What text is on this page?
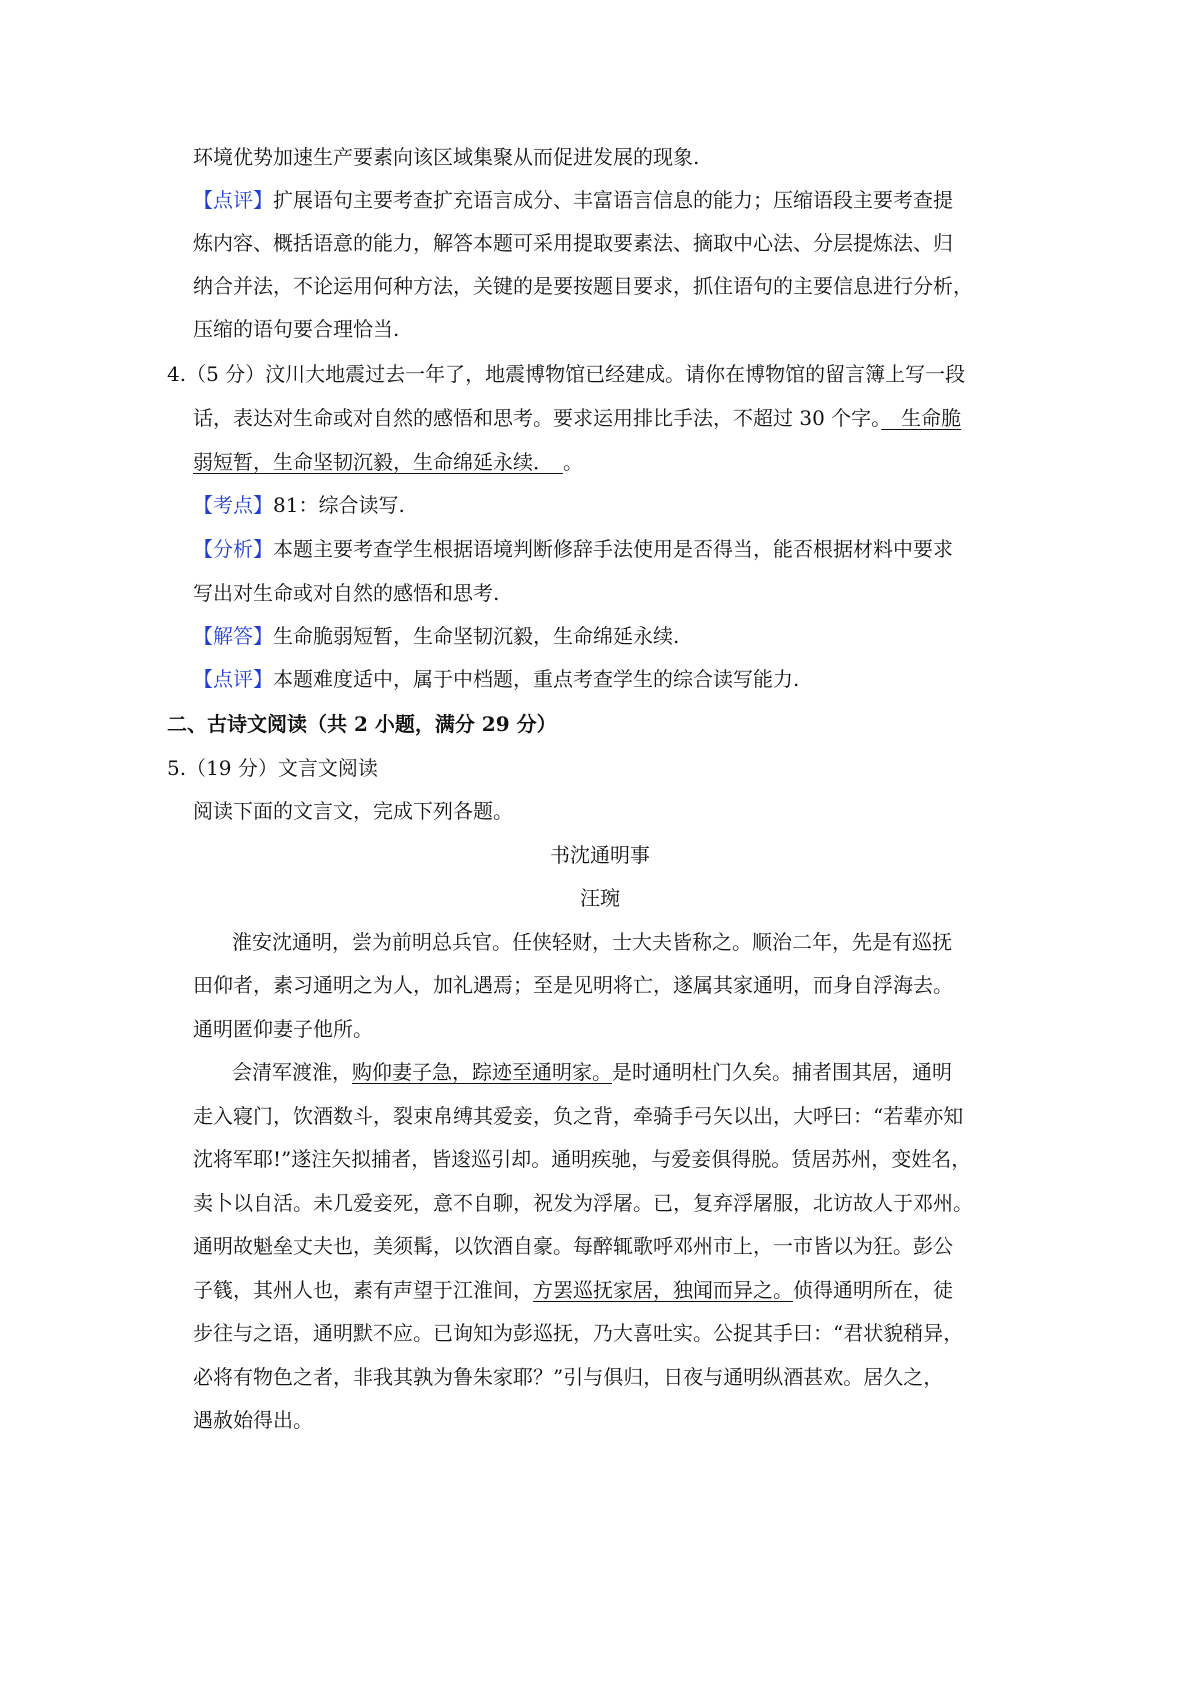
环境优势加速生产要素向该区域集聚从而促进发展的现象.
【点评】扩展语句主要考查扩充语言成分、丰富语言信息的能力；压缩语段主要考查提
炼内容、概括语意的能力，解答本题可采用提取要素法、摘取中心法、分层提炼法、归
纳合并法，不论运用何种方法，关键的是要按题目要求，抓住语句的主要信息进行分析，
压缩的语句要合理恰当.
4.（5 分）汶川大地震过去一年了，地震博物馆已经建成。请你在博物馆的留言簿上写一段
话，表达对生命或对自然的感悟和思考。要求运用排比手法，不超过 30 个字。　生命脆
弱短暂，生命坚韧沉毅，生命绵延永续．　。
【考点】81：综合读写.
【分析】本题主要考查学生根据语境判断修辞手法使用是否得当，能否根据材料中要求
写出对生命或对自然的感悟和思考.
【解答】生命脆弱短暂，生命坚韧沉毅，生命绵延永续.
【点评】本题难度适中，属于中档题，重点考查学生的综合读写能力.
二、古诗文阅读（共 2 小题，满分 29 分）
5.（19 分）文言文阅读
阅读下面的文言文，完成下列各题。
书沈通明事
汪琬
淮安沈通明，尝为前明总兵官。任侠轻财，士大夫皆称之。顺治二年，先是有巡抚
田仰者，素习通明之为人，加礼遇焉；至是见明将亡，遂属其家通明，而身自浮海去。
通明匿仰妻子他所。
会清军渡淮，购仰妻子急，踪迹至通明家。是时通明杜门久矣。捕者围其居，通明
走入寝门，饮酒数斗，裂束帛缚其爱妾，负之背，牵骑手弓矢以出，大呼曰：“若辈亦知
沈将军耶!”遂注矢拟捕者，皆逡巡引却。通明疾驰，与爱妾俱得脱。赁居苏州，变姓名，
卖卜以自活。未几爱妾死，意不自聊，祝发为浮屠。已，复弃浮屠服，北访故人于邓州。
通明故魁垒丈夫也，美须髯，以饮酒自豪。每醉辄歌呼邓州市上，一市皆以为狂。彭公
子篯，其州人也，素有声望于江淮间，方罢巡抚家居，独闻而异之。侦得通明所在，徒
步往与之语，通明默不应。已询知为彭巡抚，乃大喜吐实。公捉其手曰：“君状貌稍异，
必将有物色之者，非我其孰为鲁朱家耶？”引与俱归，日夜与通明纵酒甚欢。居久之，
遇赦始得出。
